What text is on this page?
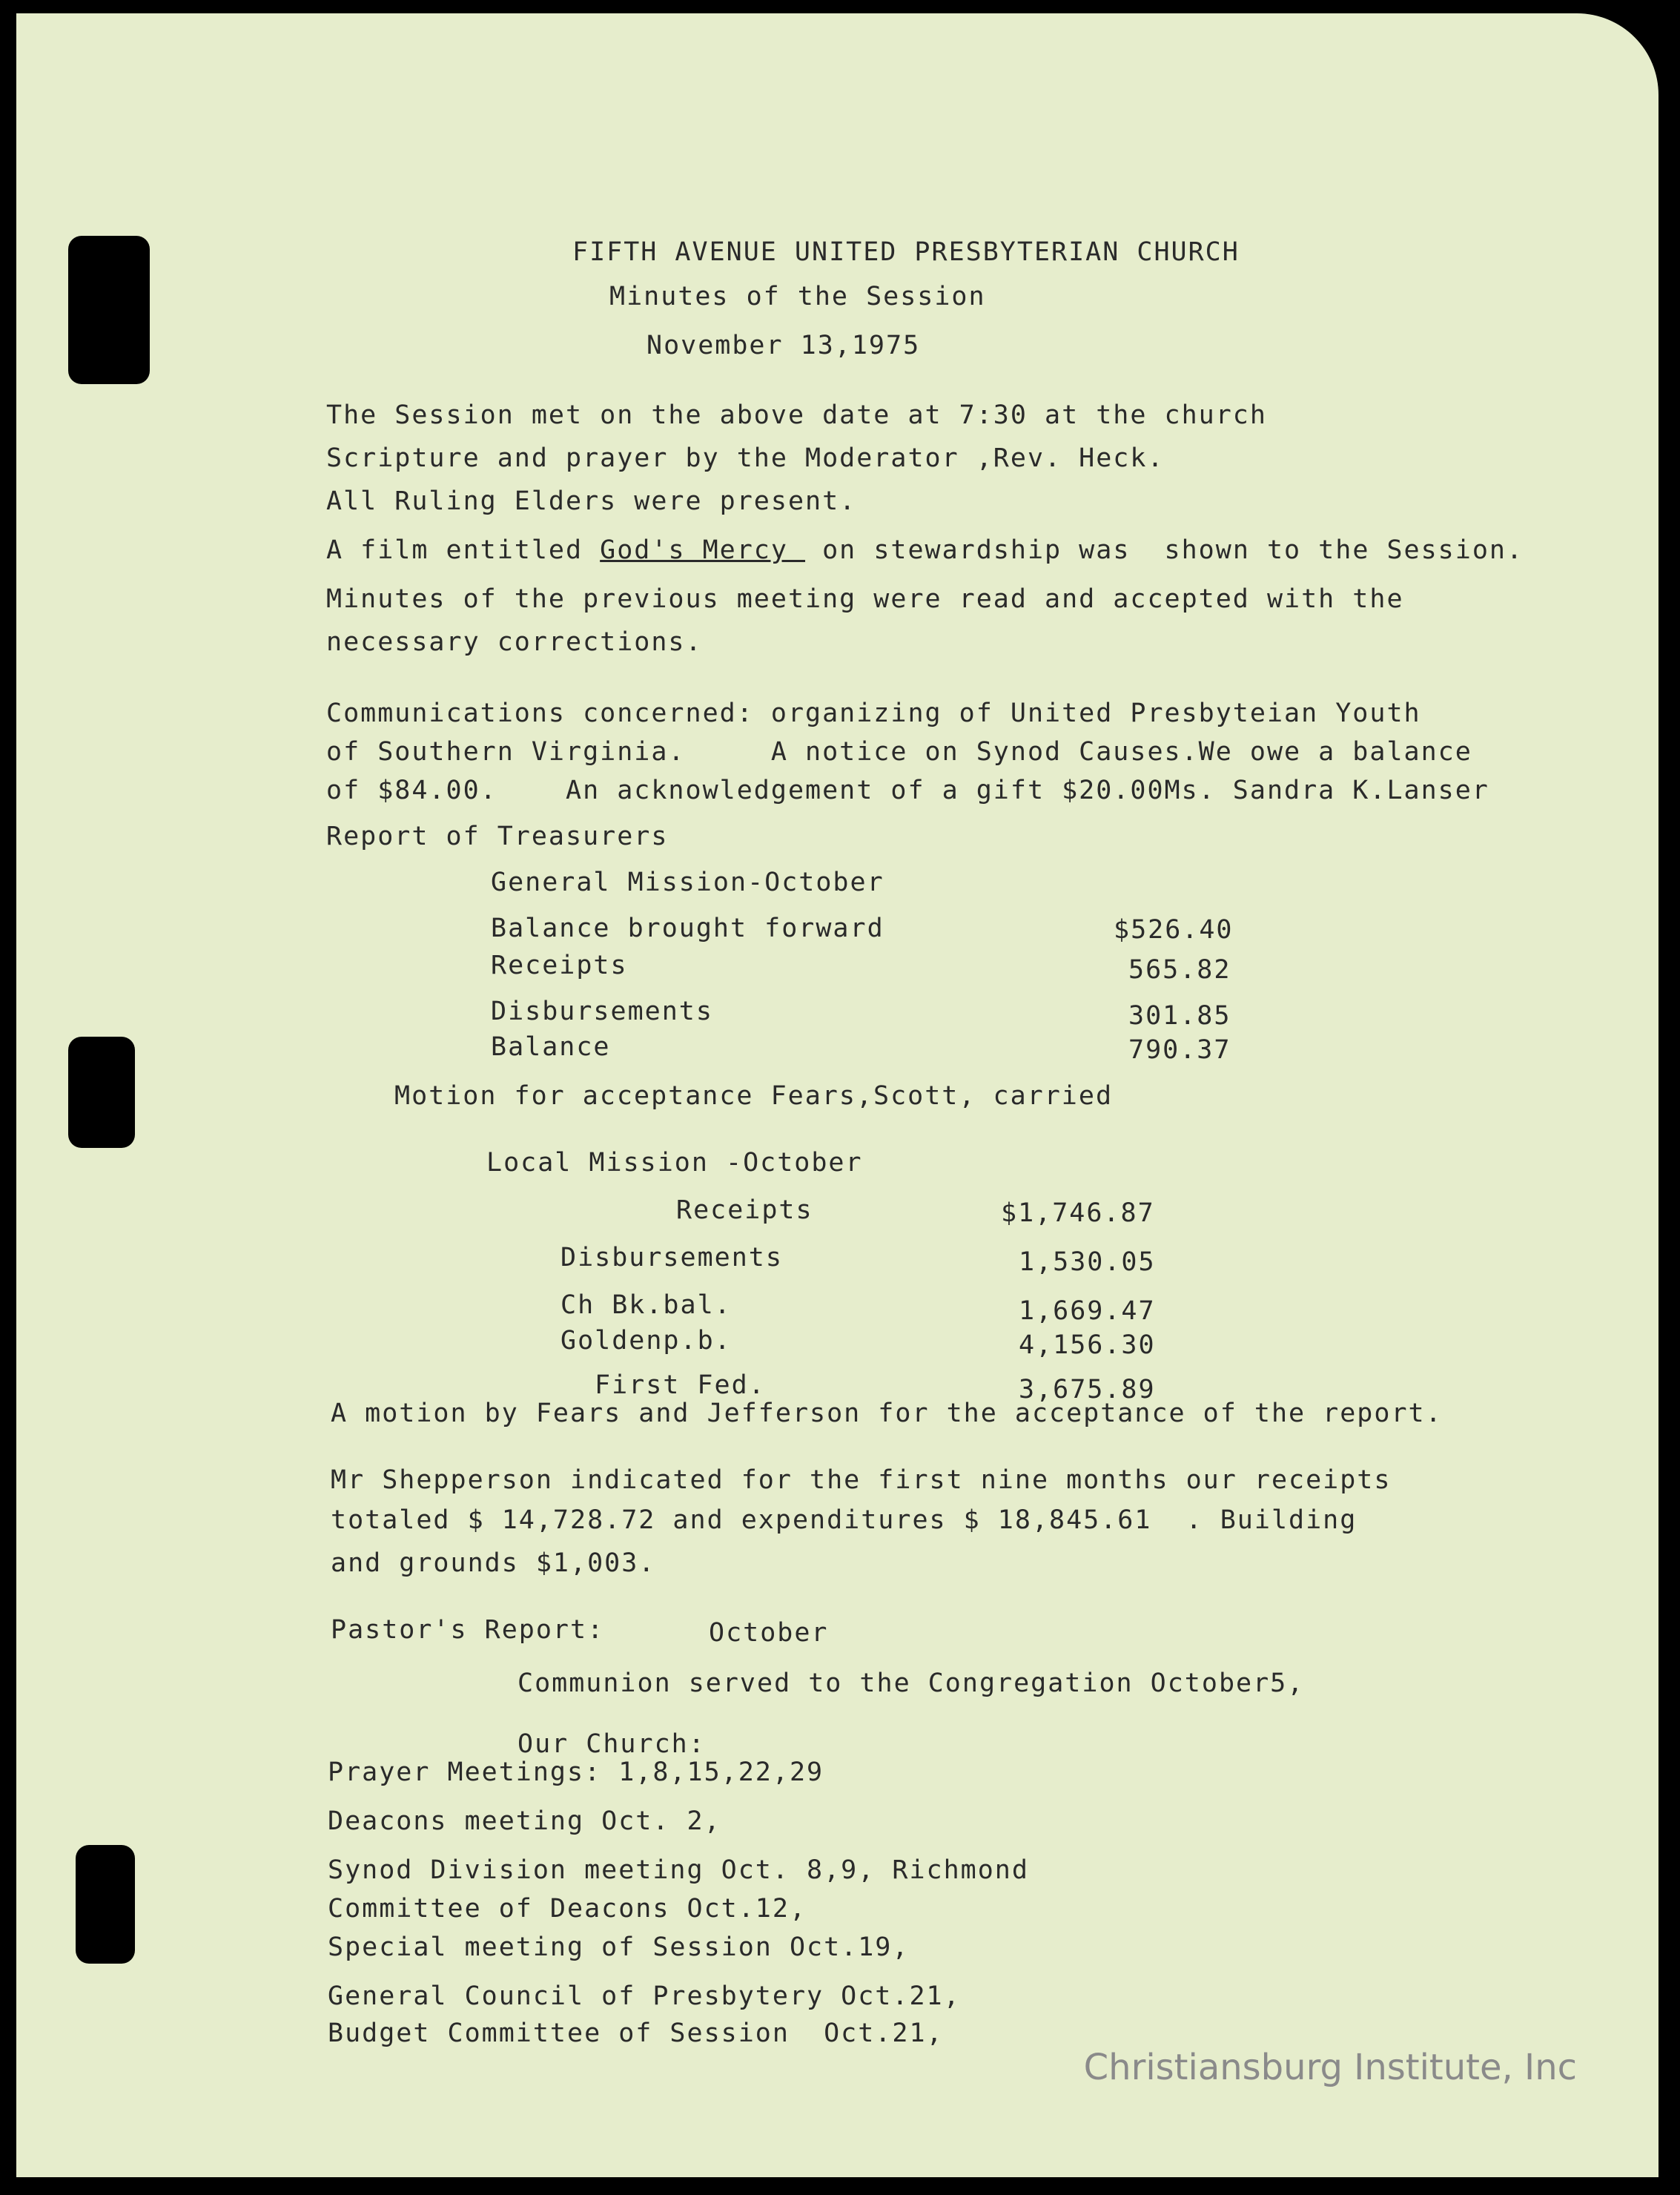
FIFTH AVENUE UNITED PRESBYTERIAN CHURCH
Minutes of the Session
November 13,1975
The Session met on the above date at 7:30 at the church
Scripture and prayer by the Moderator ,Rev. Heck.
All Ruling Elders were present.
A film entitled God's Mercy  on stewardship was  shown to the Session.
Minutes of the previous meeting were read and accepted with the
necessary corrections.
Communications concerned: organizing of United Presbyteian Youth
of Southern Virginia.     A notice on Synod Causes.We owe a balance
of $84.00.    An acknowledgement of a gift $20.00Ms. Sandra K.Lanser
Report of Treasurers
General Mission-October
Balance brought forward	$526.40
Receipts	565.82
Disbursements	301.85
Balance	790.37
Motion for acceptance Fears,Scott, carried
Local Mission -October
Receipts	$1,746.87
Disbursements	1,530.05
Ch Bk.bal.	1,669.47
Goldenp.b.	4,156.30
First Fed.	3,675.89
A motion by Fears and Jefferson for the acceptance of the report.
Mr Shepperson indicated for the first nine months our receipts
totaled $ 14,728.72 and expenditures $ 18,845.61  . Building
and grounds $1,003.
Pastor's Report:	October
Communion served to the Congregation October5,
Our Church:
Prayer Meetings: 1,8,15,22,29
Deacons meeting Oct. 2,
Synod Division meeting Oct. 8,9, Richmond
Committee of Deacons Oct.12,
Special meeting of Session Oct.19,
General Council of Presbytery Oct.21,
Budget Committee of Session  Oct.21,
Christiansburg Institute, Inc
